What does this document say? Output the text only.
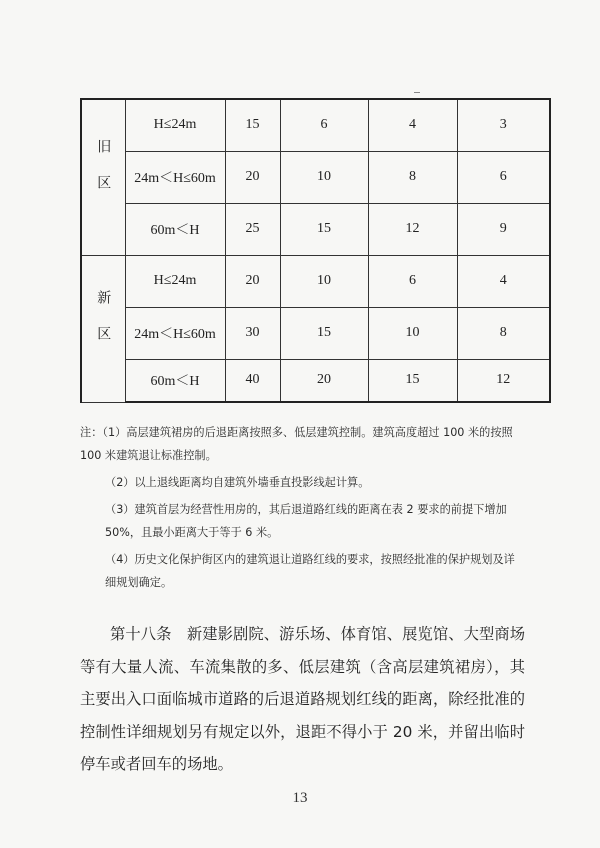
旧区	H≤24m	15	6	4	3
	24m＜H≤60m	20	10	8	6
	60m＜H	25	15	12	9
新区	H≤24m	20	10	6	4
	24m＜H≤60m	30	15	10	8
	60m＜H	40	20	15	12

注：（1）高层建筑裙房的后退距离按照多、低层建筑控制。建筑高度超过 100 米的按照 100 米建筑退让标准控制。

（2）以上退线距离均自建筑外墙垂直投影线起计算。

（3）建筑首层为经营性用房的，其后退道路红线的距离在表 2 要求的前提下增加 50%，且最小距离大于等于 6 米。

（4）历史文化保护街区内的建筑退让道路红线的要求，按照经批准的保护规划及详细规划确定。

第十八条　新建影剧院、游乐场、体育馆、展览馆、大型商场等有大量人流、车流集散的多、低层建筑（含高层建筑裙房），其主要出入口面临城市道路的后退道路规划红线的距离，除经批准的控制性详细规划另有规定以外，退距不得小于 20 米，并留出临时停车或者回车的场地。

13
